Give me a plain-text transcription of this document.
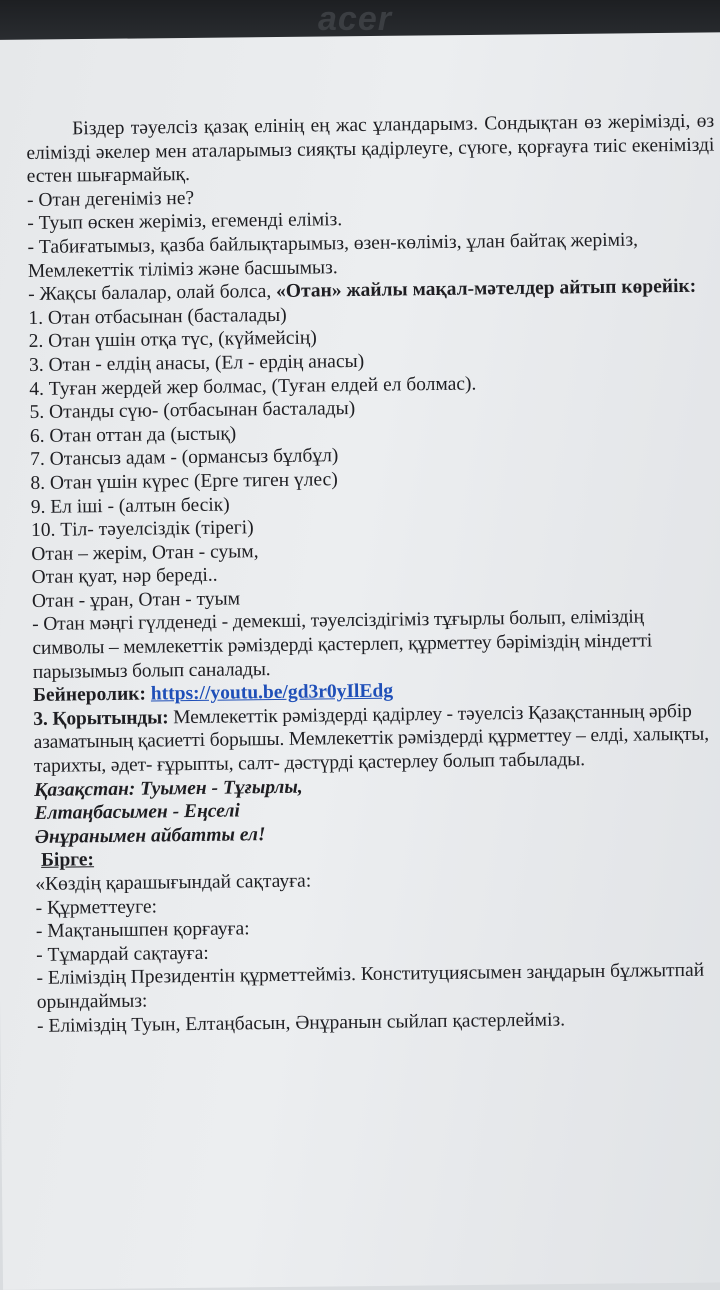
acer

Біздер тәуелсіз қазақ елінің ең жас ұландарымз. Сондықтан өз жерімізді, өз елімізді әкелер мен аталарымыз сияқты қадірлеуге, сүюге, қорғауға тиіс екенімізді естен шығармайық.

- Отан дегеніміз не?

- Туып өскен жеріміз, егеменді еліміз.

- Табиғатымыз, қазба байлықтарымыз, өзен-көліміз, ұлан байтақ жеріміз, Мемлекеттік тіліміз және басшымыз.

- Жақсы балалар, олай болса, «Отан» жайлы мақал-мәтелдер айтып көрейік:

1. Отан отбасынан (басталады)

2. Отан үшін отқа түс, (күймейсің)

3. Отан - елдің анасы, (Ел - ердің анасы)

4. Туған жердей жер болмас, (Туған елдей ел болмас).

5. Отанды сүю- (отбасынан басталады)

6. Отан оттан да (ыстық)

7. Отансыз адам - (ормансыз бұлбұл)

8. Отан үшін күрес (Ерге тиген үлес)

9. Ел іші - (алтын бесік)

10. Тіл- тәуелсіздік (тірегі)

Отан – жерім, Отан - суым,

Отан қуат, нәр береді..

Отан - ұран, Отан - туым

- Отан мәңгі гүлденеді - демекші, тәуелсіздігіміз тұғырлы болып, еліміздің символы – мемлекеттік рәміздерді қастерлеп, құрметтеу бәріміздің міндетті парызымыз болып саналады.

Бейнеролик: https://youtu.be/gd3r0yIlEdg

3. Қорытынды: Мемлекеттік рәміздерді қадірлеу - тәуелсіз Қазақстанның әрбір азаматының қасиетті борышы. Мемлекеттік рәміздерді құрметтеу – елді, халықты, тарихты, әдет- ғұрыпты, салт- дәстүрді қастерлеу болып табылады.

Қазақстан: Туымен - Тұғырлы,

Елтаңбасымен - Еңселі

Әнұранымен айбатты ел!

Бірге:

«Көздің қарашығындай сақтауға:

- Құрметтеуге:

- Мақтанышпен қорғауға:

- Тұмардай сақтауға:

- Еліміздің Президентін құрметтейміз. Конституциясымен заңдарын бұлжытпай орындаймыз:

- Еліміздің Туын, Елтаңбасын, Әнұранын сыйлап қастерлейміз.
